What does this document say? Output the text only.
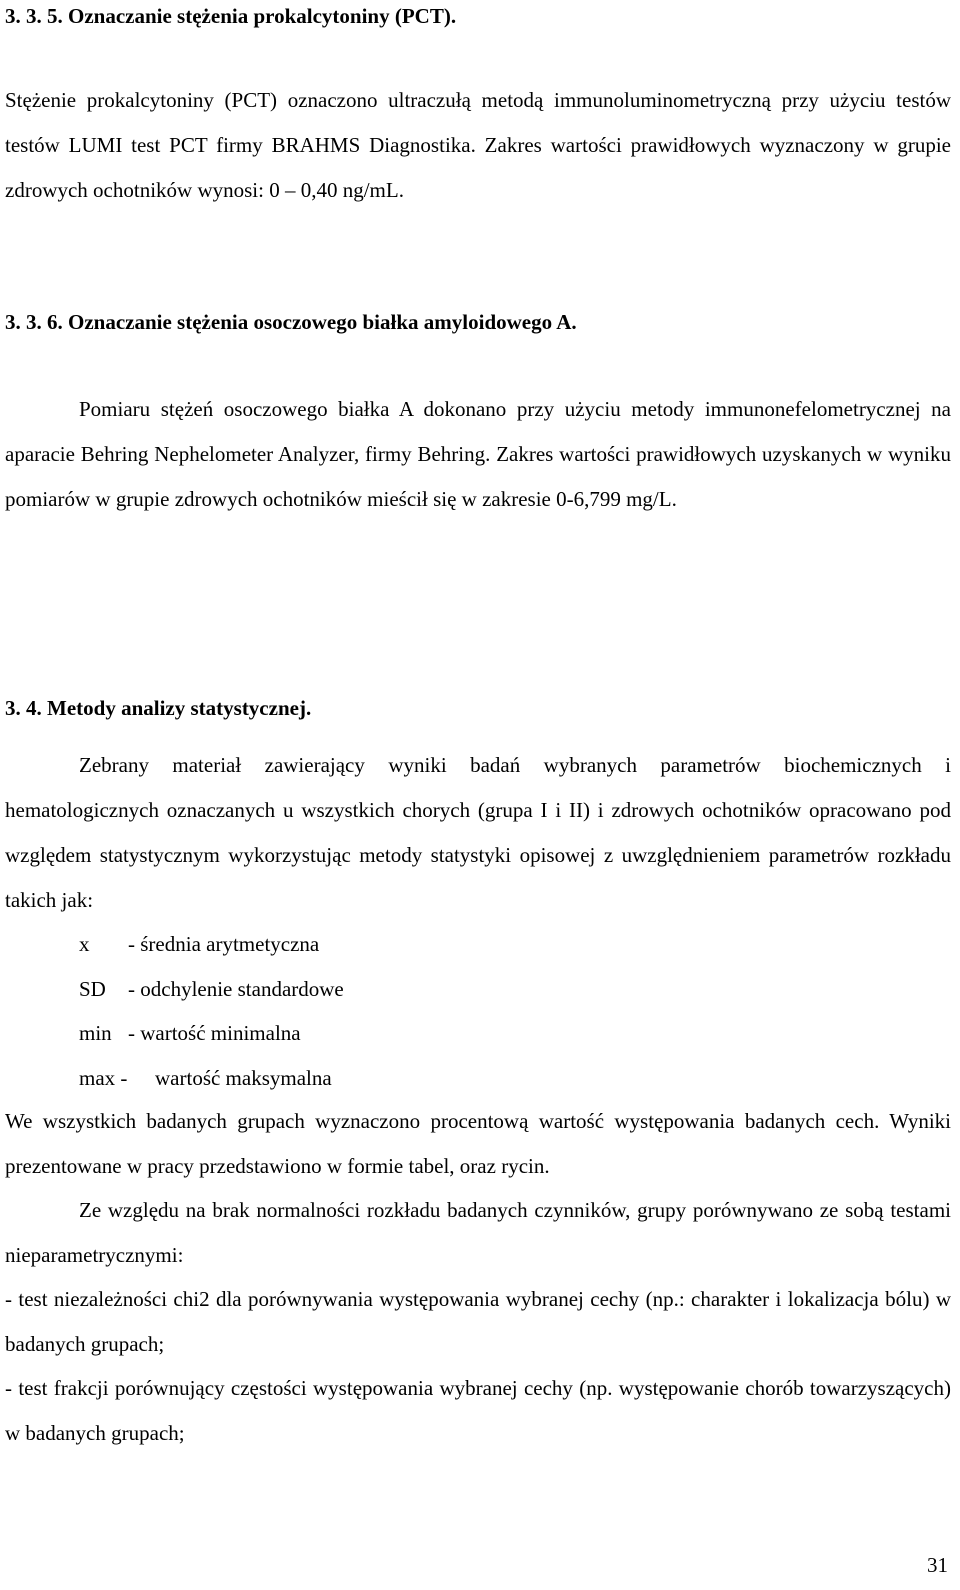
3. 3. 5. Oznaczanie stężenia prokalcytoniny (PCT).
Stężenie prokalcytoniny (PCT) oznaczono ultraczułą metodą immunoluminometryczną przy użyciu testów testów LUMI test PCT firmy BRAHMS Diagnostika. Zakres wartości prawidłowych wyznaczony w grupie zdrowych ochotników wynosi: 0 – 0,40 ng/mL.
3. 3. 6. Oznaczanie stężenia osoczowego białka amyloidowego A.
Pomiaru stężeń osoczowego białka A dokonano przy użyciu metody immunonefelometrycznej na aparacie Behring Nephelometer Analyzer, firmy Behring. Zakres wartości prawidłowych uzyskanych w wyniku pomiarów w grupie zdrowych ochotników mieścił się w zakresie 0-6,799 mg/L.
3. 4. Metody analizy statystycznej.
Zebrany materiał zawierający wyniki badań wybranych parametrów biochemicznych i hematologicznych oznaczanych u wszystkich chorych (grupa I i II) i zdrowych ochotników opracowano pod względem statystycznym wykorzystując metody statystyki opisowej z uwzględnieniem parametrów rozkładu takich jak:
x - średnia arytmetyczna
SD - odchylenie standardowe
min - wartość minimalna
max - wartość maksymalna
We wszystkich badanych grupach wyznaczono procentową wartość występowania badanych cech. Wyniki prezentowane w pracy przedstawiono w formie tabel, oraz rycin.
Ze względu na brak normalności rozkładu badanych czynników, grupy porównywano ze sobą testami nieparametrycznymi:
- test niezależności chi2 dla porównywania występowania wybranej cechy (np.: charakter i lokalizacja bólu) w badanych grupach;
- test frakcji porównujący częstości występowania wybranej cechy (np. występowanie chorób towarzyszących) w badanych grupach;
31
